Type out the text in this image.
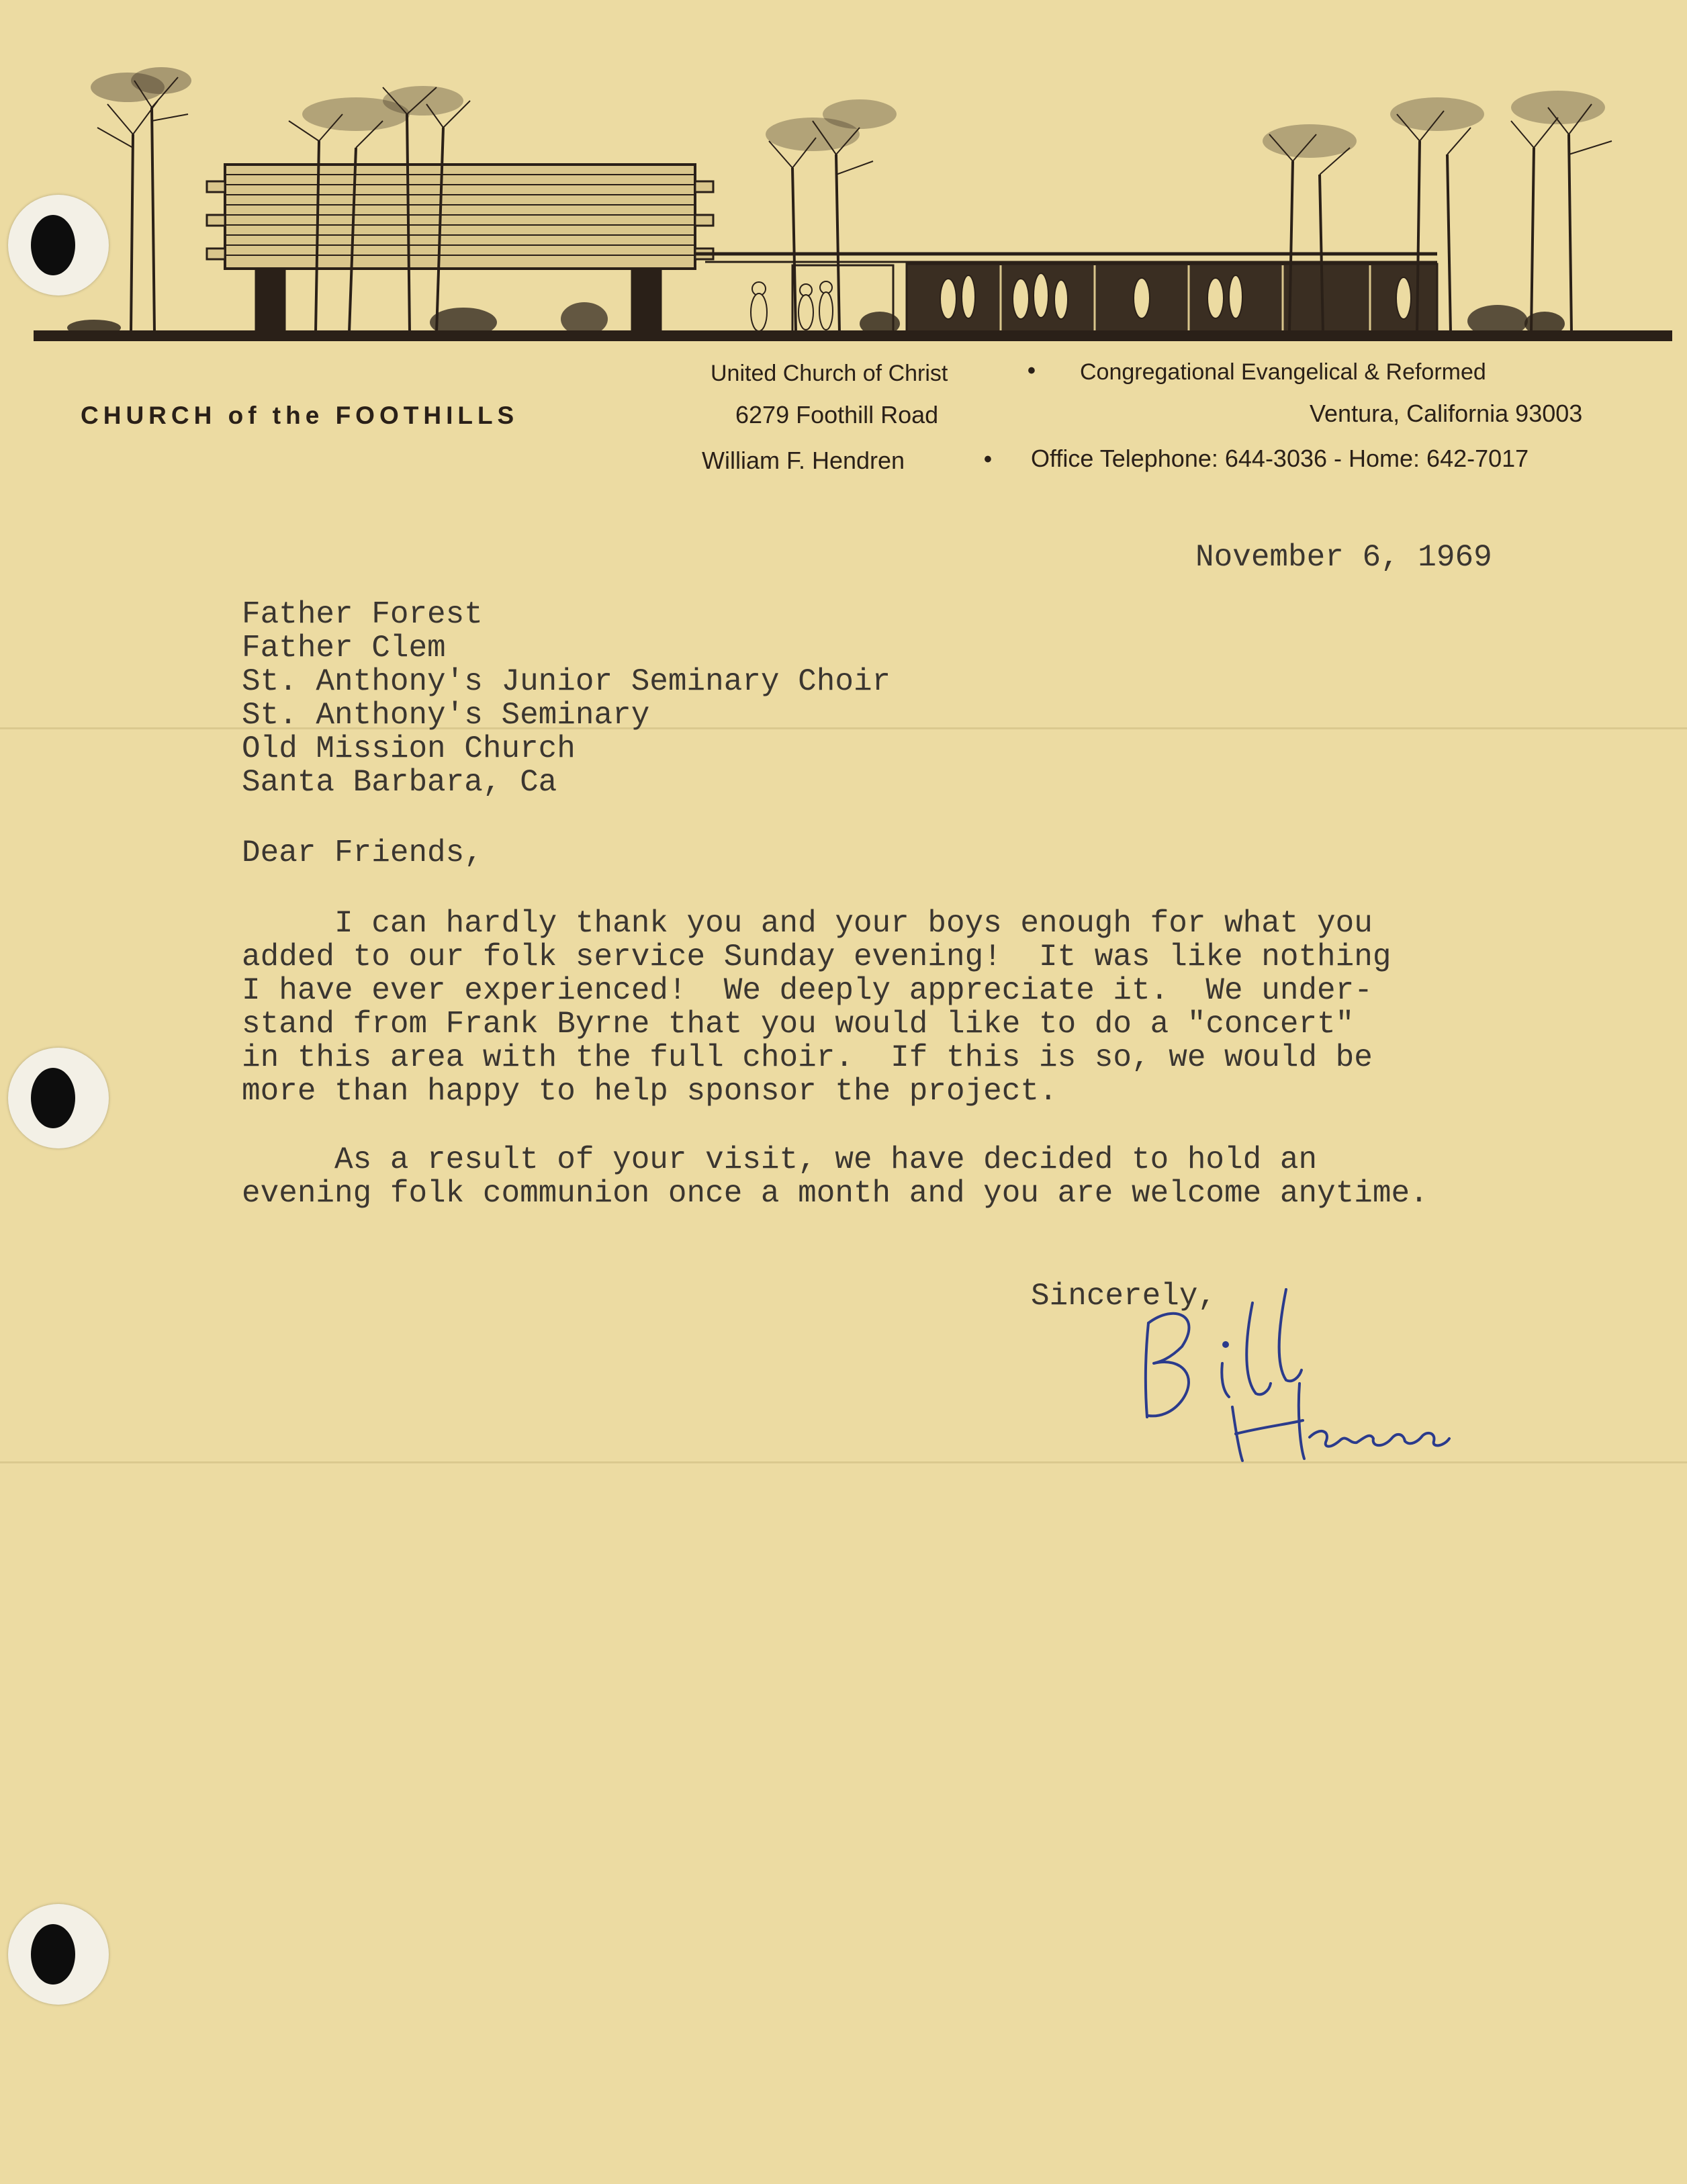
CHURCH of the FOOTHILLS
United Church of Christ	• Congregational Evangelical & Reformed
6279 Foothill Road	Ventura, California 93003
William F. Hendren	• Office Telephone: 644-3036 - Home: 642-7017
November 6, 1969
Father Forest
Father Clem
St. Anthony's Junior Seminary Choir
St. Anthony's Seminary
Old Mission Church
Santa Barbara, Ca
Dear Friends,
I can hardly thank you and your boys enough for what you
added to our folk service Sunday evening!  It was like nothing
I have ever experienced!  We deeply appreciate it.  We under-
stand from Frank Byrne that you would like to do a "concert"
in this area with the full choir.  If this is so, we would be
more than happy to help sponsor the project.
As a result of your visit, we have decided to hold an
evening folk communion once a month and you are welcome anytime.
Sincerely,
